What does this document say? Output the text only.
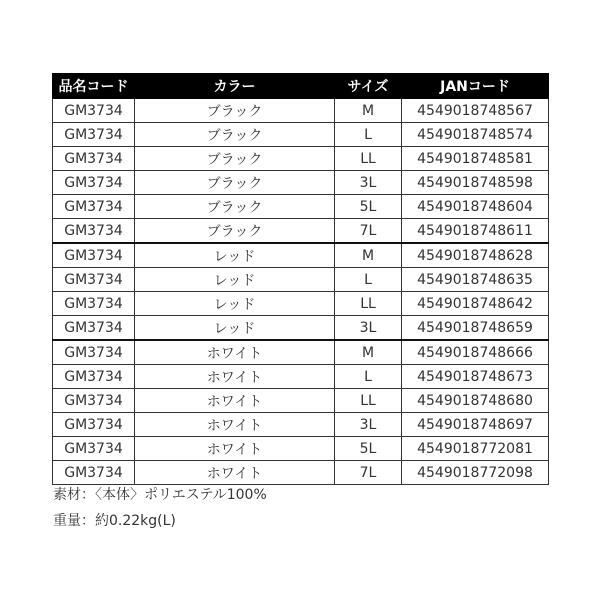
品名コード	カラー	サイズ	JANコード
GM3734	ブラック	M	4549018748567
GM3734	ブラック	L	4549018748574
GM3734	ブラック	LL	4549018748581
GM3734	ブラック	3L	4549018748598
GM3734	ブラック	5L	4549018748604
GM3734	ブラック	7L	4549018748611
GM3734	レッド	M	4549018748628
GM3734	レッド	L	4549018748635
GM3734	レッド	LL	4549018748642
GM3734	レッド	3L	4549018748659
GM3734	ホワイト	M	4549018748666
GM3734	ホワイト	L	4549018748673
GM3734	ホワイト	LL	4549018748680
GM3734	ホワイト	3L	4549018748697
GM3734	ホワイト	5L	4549018772081
GM3734	ホワイト	7L	4549018772098
素材：〈本体〉ポリエステル100%
重量：約0.22kg(L)
